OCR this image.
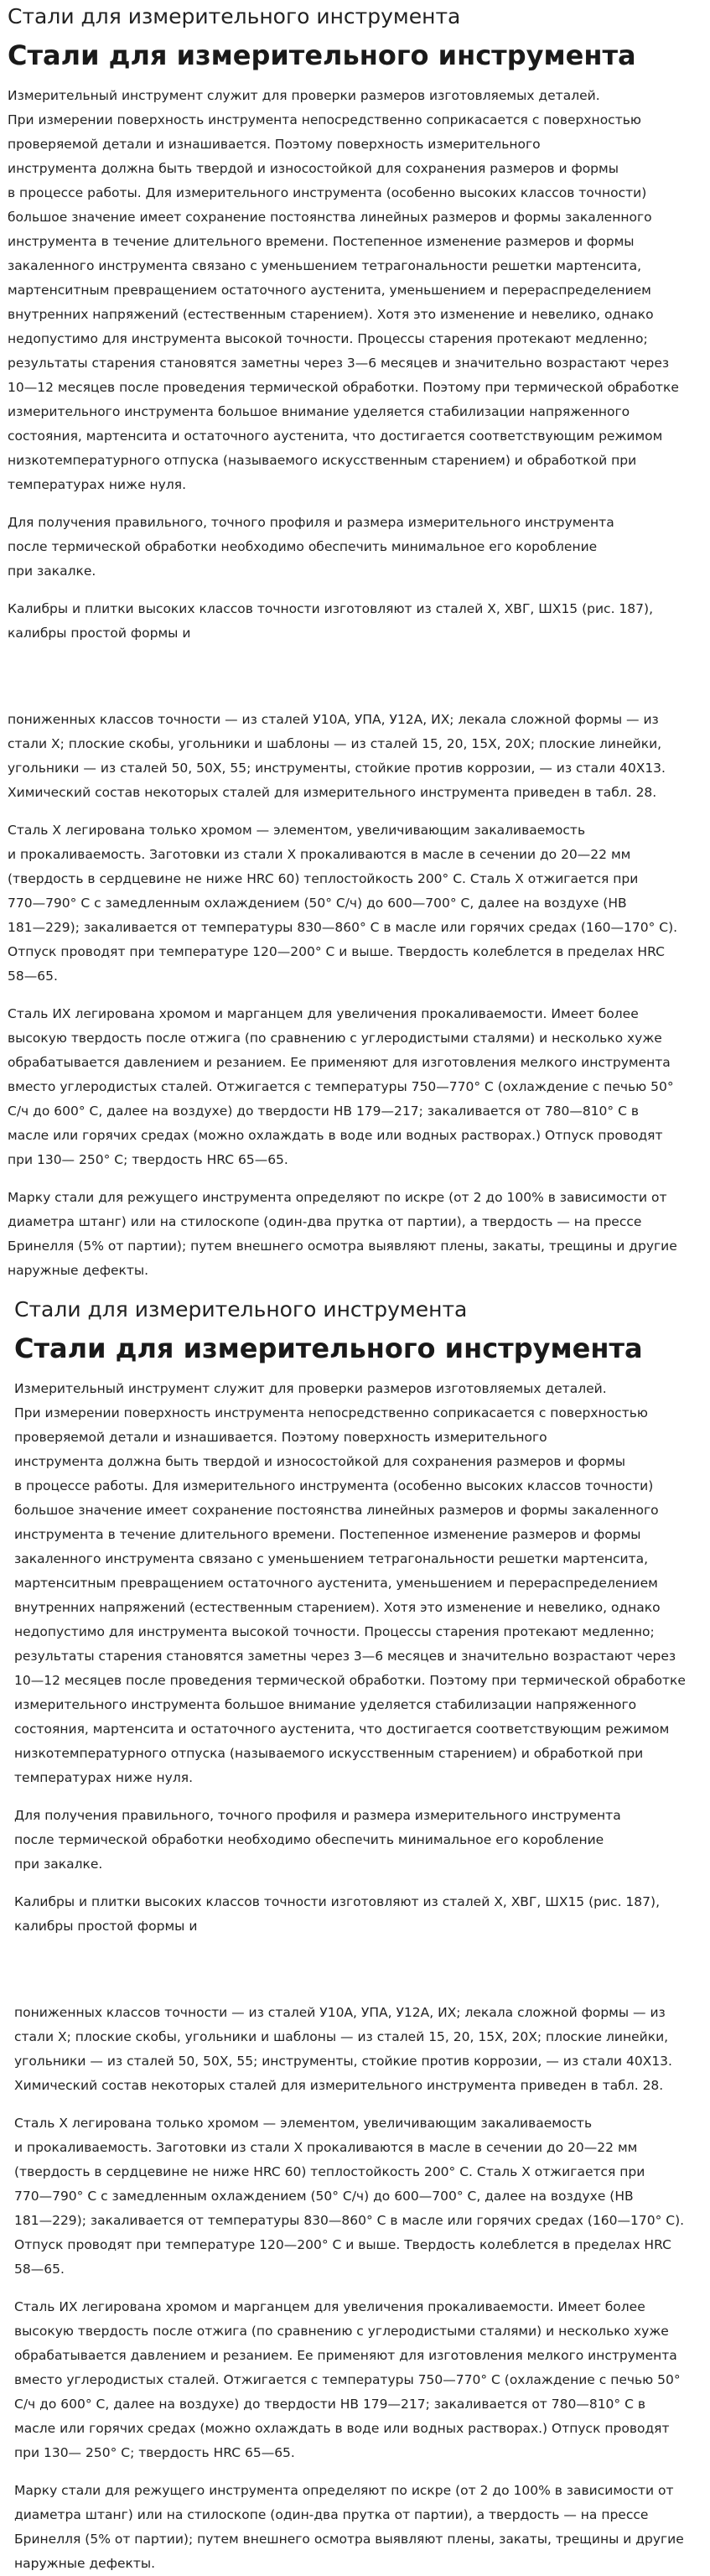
Стали для измерительного инструмента
Стали для измерительного инструмента
Измерительный инструмент служит для проверки размеров изготовляемых деталей.
При измерении поверхность инструмента непосредственно соприкасается с поверхностью
проверяемой детали и изнашивается. Поэтому поверхность измерительного
инструмента должна быть твердой и износостойкой для сохранения размеров и формы
в процессе работы. Для измерительного инструмента (особенно высоких классов точности)
большое значение имеет сохранение постоянства линейных размеров и формы закаленного
инструмента в течение длительного времени. Постепенное изменение размеров и формы
закаленного инструмента связано с уменьшением тетрагональности решетки мартенсита,
мартенситным превращением остаточного аустенита, уменьшением и перераспределением
внутренних напряжений (естественным старением). Хотя это изменение и невелико, однако
недопустимо для инструмента высокой точности. Процессы старения протекают медленно;
результаты старения становятся заметны через 3—6 месяцев и значительно возрастают через
10—12 месяцев после проведения термической обработки. Поэтому при термической обработке
измерительного инструмента большое внимание уделяется стабилизации напряженного
состояния, мартенсита и остаточного аустенита, что достигается соответствующим режимом
низкотемпературного отпуска (называемого искусственным старением) и обработкой при
температурах ниже нуля.
Для получения правильного, точного профиля и размера измерительного инструмента
после термической обработки необходимо обеспечить минимальное его коробление
при закалке.
Калибры и плитки высоких классов точности изготовляют из сталей X, ХВГ, ШХ15 (рис. 187),
калибры простой формы и
пониженных классов точности — из сталей У10А, УПА, У12А, ИХ; лекала сложной формы — из
стали X; плоские скобы, угольники и шаблоны — из сталей 15, 20, 15Х, 20Х; плоские линейки,
угольники — из сталей 50, 50Х, 55; инструменты, стойкие против коррозии, — из стали 40X13.
Химический состав некоторых сталей для измерительного инструмента приведен в табл. 28.
Сталь X легирована только хромом — элементом, увеличивающим закаливаемость
и прокаливаемость. Заготовки из стали X прокаливаются в масле в сечении до 20—22 мм
(твердость в сердцевине не ниже HRC 60) теплостойкость 200° С. Сталь X отжигается при
770—790° С с замедленным охлаждением (50° С/ч) до 600—700° С, далее на воздухе (НВ
181—229); закаливается от температуры 830—860° С в масле или горячих средах (160—170° С).
Отпуск проводят при температуре 120—200° С и выше. Твердость колеблется в пределах HRC
58—65.
Сталь ИХ легирована хромом и марганцем для увеличения прокаливаемости. Имеет более
высокую твердость после отжига (по сравнению с углеродистыми сталями) и несколько хуже
обрабатывается давлением и резанием. Ее применяют для изготовления мелкого инструмента
вместо углеродистых сталей. Отжигается с температуры 750—770° С (охлаждение с печью 50°
С/ч до 600° С, далее на воздухе) до твердости НВ 179—217; закаливается от 780—810° С в
масле или горячих средах (можно охлаждать в воде или водных растворах.) Отпуск проводят
при 130— 250° С; твердость HRC 65—65.
Марку стали для режущего инструмента определяют по искре (от 2 до 100% в зависимости от
диаметра штанг) или на стилоскопе (один-два прутка от партии), а твердость — на прессе
Бринелля (5% от партии); путем внешнего осмотра выявляют плены, закаты, трещины и другие
наружные дефекты.
Стали для измерительного инструмента
Стали для измерительного инструмента
Измерительный инструмент служит для проверки размеров изготовляемых деталей.
При измерении поверхность инструмента непосредственно соприкасается с поверхностью
проверяемой детали и изнашивается. Поэтому поверхность измерительного
инструмента должна быть твердой и износостойкой для сохранения размеров и формы
в процессе работы. Для измерительного инструмента (особенно высоких классов точности)
большое значение имеет сохранение постоянства линейных размеров и формы закаленного
инструмента в течение длительного времени. Постепенное изменение размеров и формы
закаленного инструмента связано с уменьшением тетрагональности решетки мартенсита,
мартенситным превращением остаточного аустенита, уменьшением и перераспределением
внутренних напряжений (естественным старением). Хотя это изменение и невелико, однако
недопустимо для инструмента высокой точности. Процессы старения протекают медленно;
результаты старения становятся заметны через 3—6 месяцев и значительно возрастают через
10—12 месяцев после проведения термической обработки. Поэтому при термической обработке
измерительного инструмента большое внимание уделяется стабилизации напряженного
состояния, мартенсита и остаточного аустенита, что достигается соответствующим режимом
низкотемпературного отпуска (называемого искусственным старением) и обработкой при
температурах ниже нуля.
Для получения правильного, точного профиля и размера измерительного инструмента
после термической обработки необходимо обеспечить минимальное его коробление
при закалке.
Калибры и плитки высоких классов точности изготовляют из сталей X, ХВГ, ШХ15 (рис. 187),
калибры простой формы и
пониженных классов точности — из сталей У10А, УПА, У12А, ИХ; лекала сложной формы — из
стали X; плоские скобы, угольники и шаблоны — из сталей 15, 20, 15Х, 20Х; плоские линейки,
угольники — из сталей 50, 50Х, 55; инструменты, стойкие против коррозии, — из стали 40X13.
Химический состав некоторых сталей для измерительного инструмента приведен в табл. 28.
Сталь X легирована только хромом — элементом, увеличивающим закаливаемость
и прокаливаемость. Заготовки из стали X прокаливаются в масле в сечении до 20—22 мм
(твердость в сердцевине не ниже HRC 60) теплостойкость 200° С. Сталь X отжигается при
770—790° С с замедленным охлаждением (50° С/ч) до 600—700° С, далее на воздухе (НВ
181—229); закаливается от температуры 830—860° С в масле или горячих средах (160—170° С).
Отпуск проводят при температуре 120—200° С и выше. Твердость колеблется в пределах HRC
58—65.
Сталь ИХ легирована хромом и марганцем для увеличения прокаливаемости. Имеет более
высокую твердость после отжига (по сравнению с углеродистыми сталями) и несколько хуже
обрабатывается давлением и резанием. Ее применяют для изготовления мелкого инструмента
вместо углеродистых сталей. Отжигается с температуры 750—770° С (охлаждение с печью 50°
С/ч до 600° С, далее на воздухе) до твердости НВ 179—217; закаливается от 780—810° С в
масле или горячих средах (можно охлаждать в воде или водных растворах.) Отпуск проводят
при 130— 250° С; твердость HRC 65—65.
Марку стали для режущего инструмента определяют по искре (от 2 до 100% в зависимости от
диаметра штанг) или на стилоскопе (один-два прутка от партии), а твердость — на прессе
Бринелля (5% от партии); путем внешнего осмотра выявляют плены, закаты, трещины и другие
наружные дефекты.
